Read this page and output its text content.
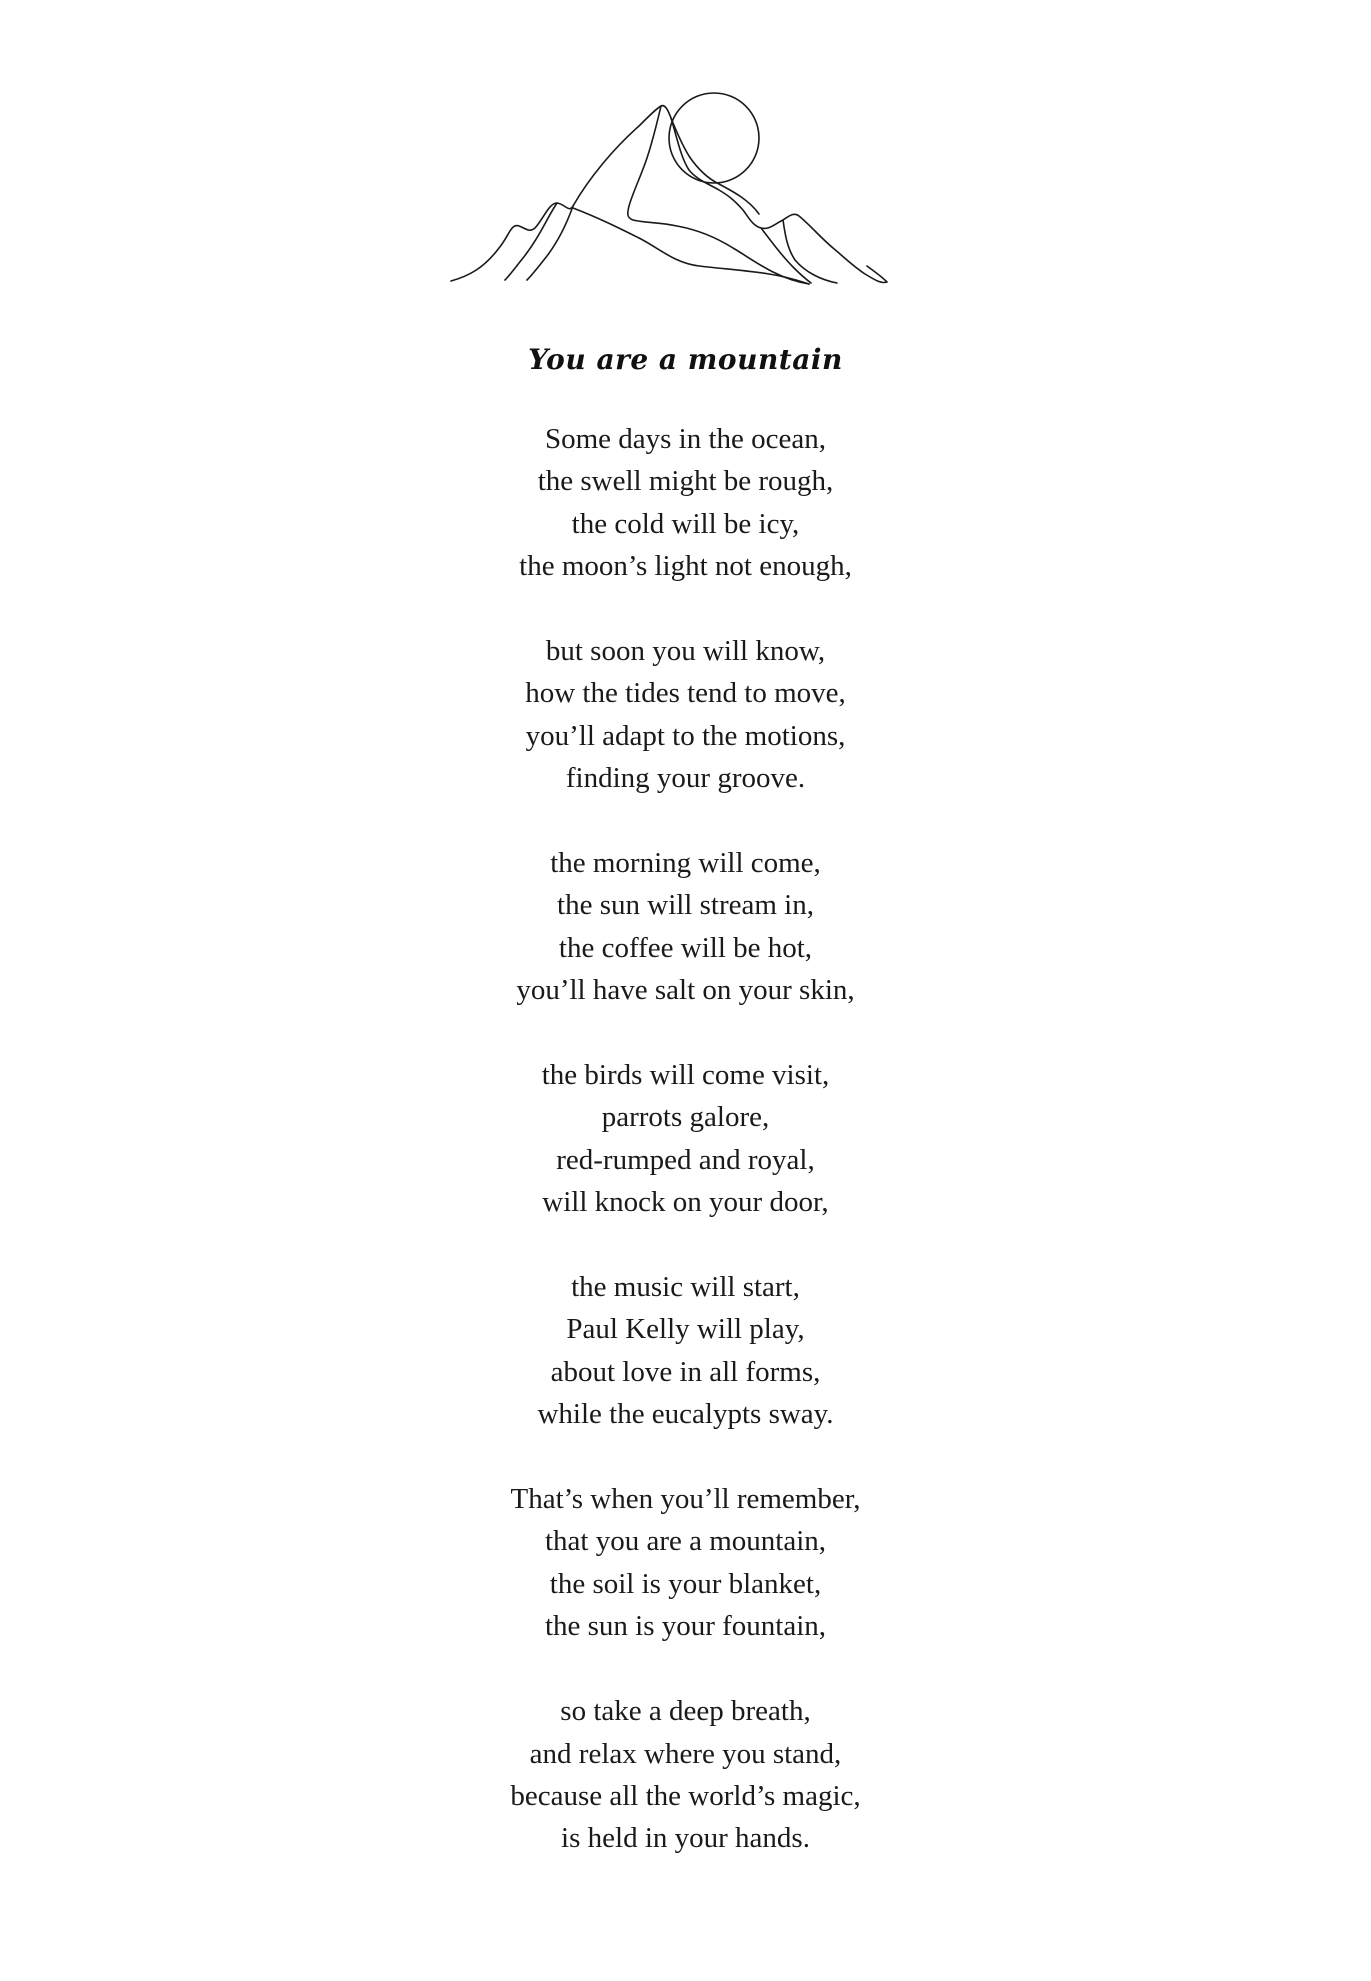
You are a mountain
Some days in the ocean,
the swell might be rough,
the cold will be icy,
the moon’s light not enough,
but soon you will know,
how the tides tend to move,
you’ll adapt to the motions,
finding your groove.
the morning will come,
the sun will stream in,
the coffee will be hot,
you’ll have salt on your skin,
the birds will come visit,
parrots galore,
red-rumped and royal,
will knock on your door,
the music will start,
Paul Kelly will play,
about love in all forms,
while the eucalypts sway.
That’s when you’ll remember,
that you are a mountain,
the soil is your blanket,
the sun is your fountain,
so take a deep breath,
and relax where you stand,
because all the world’s magic,
is held in your hands.
